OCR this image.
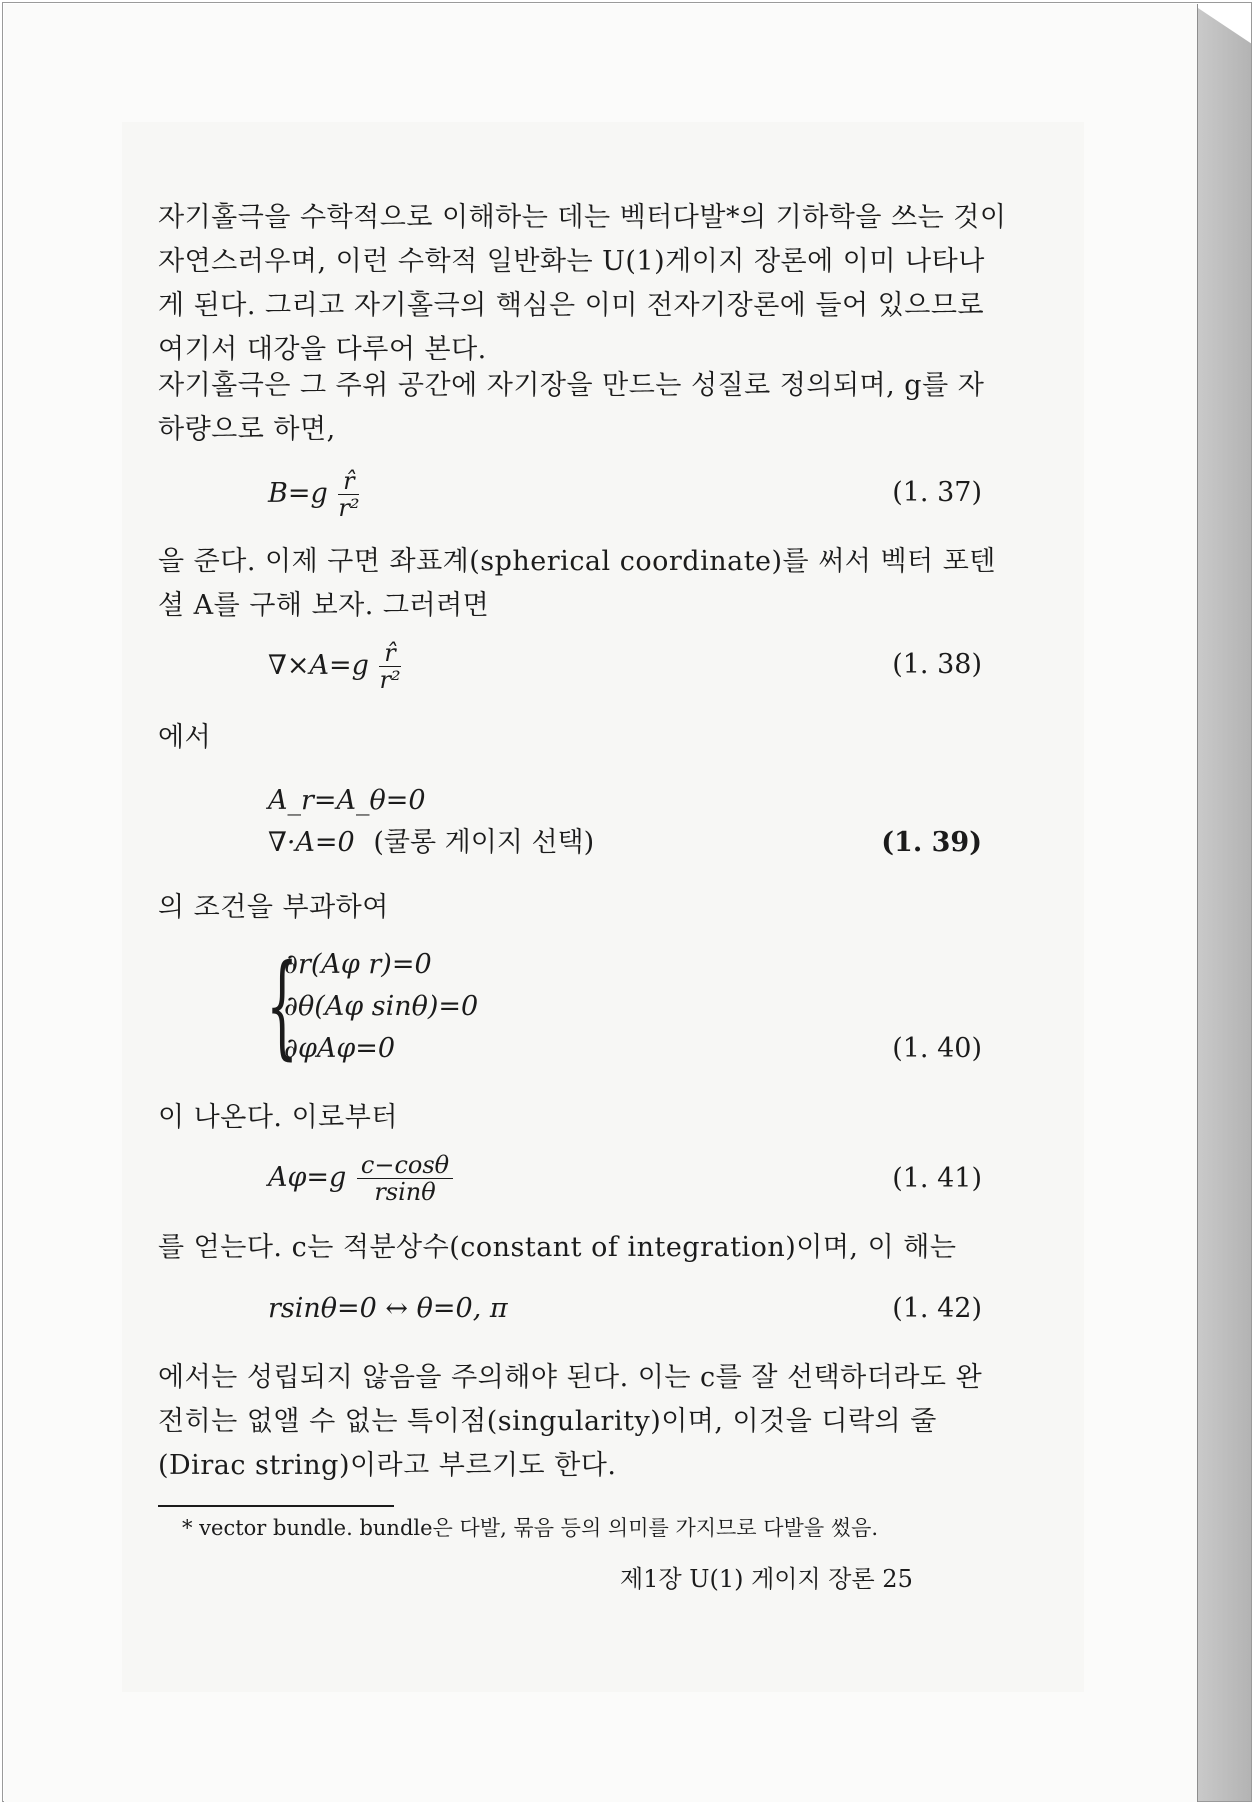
자기홀극을 수학적으로 이해하는 데는 벡터다발*의 기하학을 쓰는 것이 자연스러우며, 이런 수학적 일반화는 U(1)게이지 장론에 이미 나타나게 된다. 그리고 자기홀극의 핵심은 이미 전자기장론에 들어 있으므로 여기서 대강을 다루어 본다.
자기홀극은 그 주위 공간에 자기장을 만드는 성질로 정의되며, g를 자하량으로 하면,
$B=g \frac{r̂}{\text{r²}}$	(1. 37)
을 준다. 이제 구면 좌표계(spherical coordinate)를 써서 벡터 포텐셜 A를 구해 보자. 그러려면
$\nabla\times A=g \frac{r̂}{\text{r²}}$	(1. 38)
에서
A_r=A_θ=0
∇·A=0 (쿨롱 게이지 선택)	(1. 39)
의 조건을 부과하여
{
∂r(Aφ r)=0
∂θ(Aφ sinθ)=0
∂φAφ=0	(1. 40)
이 나온다. 이로부터
$A\varphi=g \frac{c-\cos\theta}{rsin\theta}$	(1. 41)
를 얻는다. c는 적분상수(constant of integration)이며, 이 해는
rsinθ=0 ↔ θ=0, π	(1. 42)
에서는 성립되지 않음을 주의해야 된다. 이는 c를 잘 선택하더라도 완전히는 없앨 수 없는 특이점(singularity)이며, 이것을 디락의 줄(Dirac string)이라고 부르기도 한다.
* vector bundle. bundle은 다발, 묶음 등의 의미를 가지므로 다발을 썼음.
제1장 U(1) 게이지 장론 25
